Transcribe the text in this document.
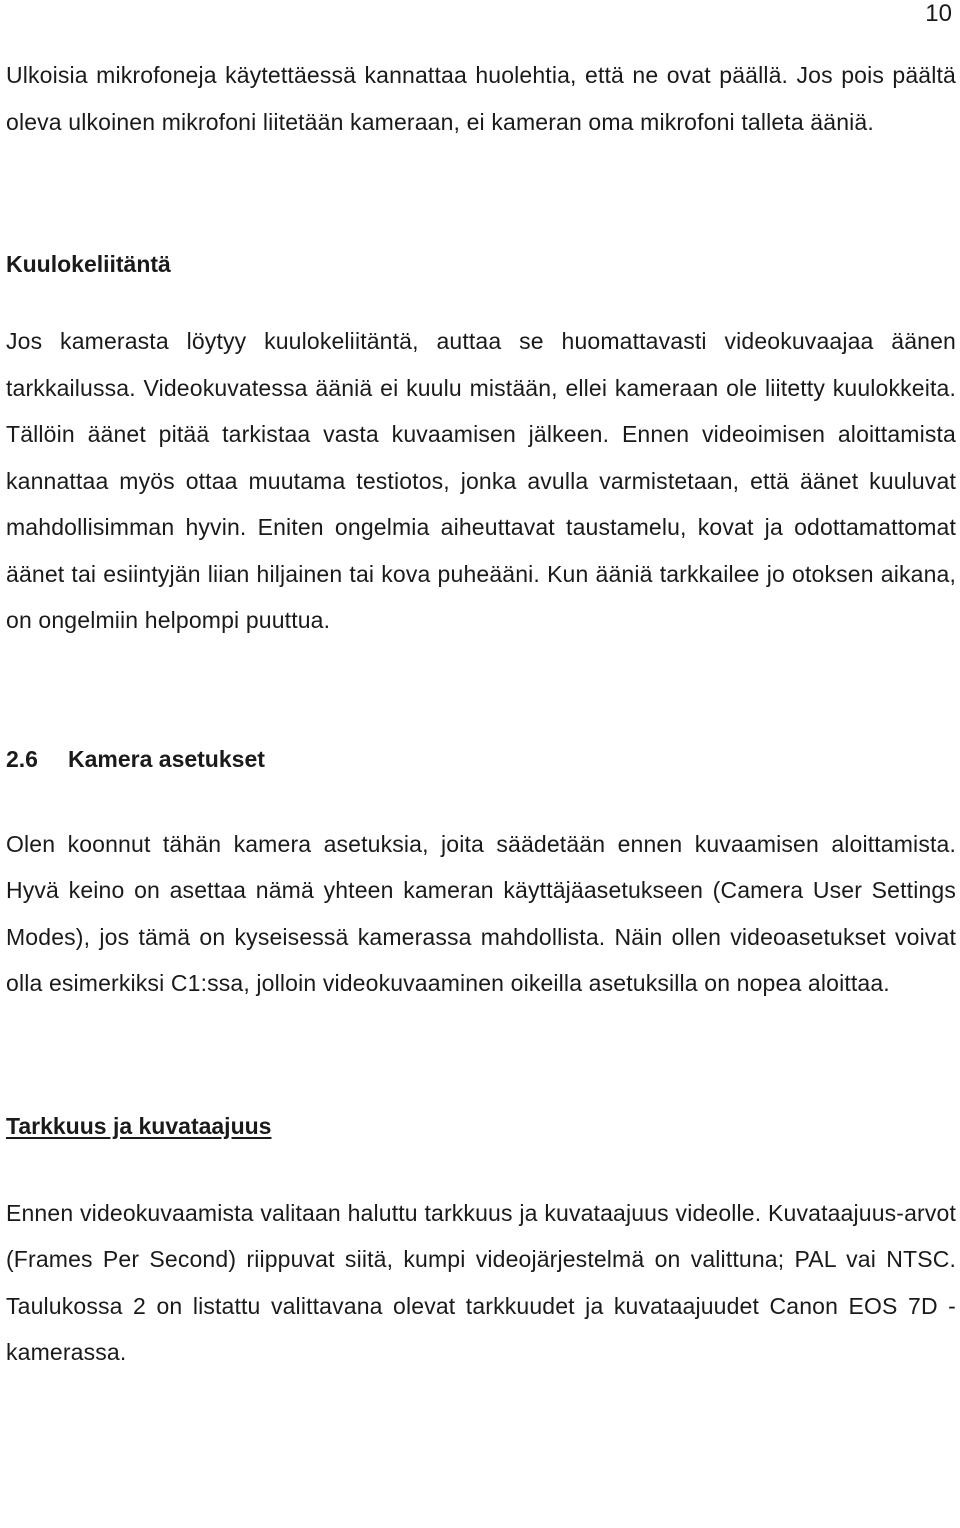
10

Ulkoisia mikrofoneja käytettäessä kannattaa huolehtia, että ne ovat päällä. Jos pois päältä oleva ulkoinen mikrofoni liitetään kameraan, ei kameran oma mikrofoni talleta ääniä.

Kuulokeliitäntä

Jos kamerasta löytyy kuulokeliitäntä, auttaa se huomattavasti videokuvaajaa äänen tarkkailussa. Videokuvatessa ääniä ei kuulu mistään, ellei kameraan ole liitetty kuulokkeita. Tällöin äänet pitää tarkistaa vasta kuvaamisen jälkeen. Ennen videoimisen aloittamista kannattaa myös ottaa muutama testiotos, jonka avulla varmistetaan, että äänet kuuluvat mahdollisimman hyvin. Eniten ongelmia aiheuttavat taustamelu, kovat ja odottamattomat äänet tai esiintyjän liian hiljainen tai kova puheääni. Kun ääniä tarkkailee jo otoksen aikana, on ongelmiin helpompi puuttua.

2.6 Kamera asetukset

Olen koonnut tähän kamera asetuksia, joita säädetään ennen kuvaamisen aloittamista. Hyvä keino on asettaa nämä yhteen kameran käyttäjäasetukseen (Camera User Settings Modes), jos tämä on kyseisessä kamerassa mahdollista. Näin ollen videoasetukset voivat olla esimerkiksi C1:ssa, jolloin videokuvaaminen oikeilla asetuksilla on nopea aloittaa.

Tarkkuus ja kuvataajuus

Ennen videokuvaamista valitaan haluttu tarkkuus ja kuvataajuus videolle. Kuvataajuus-arvot (Frames Per Second) riippuvat siitä, kumpi videojärjestelmä on valittuna; PAL vai NTSC. Taulukossa 2 on listattu valittavana olevat tarkkuudet ja kuvataajuudet Canon EOS 7D -kamerassa.
